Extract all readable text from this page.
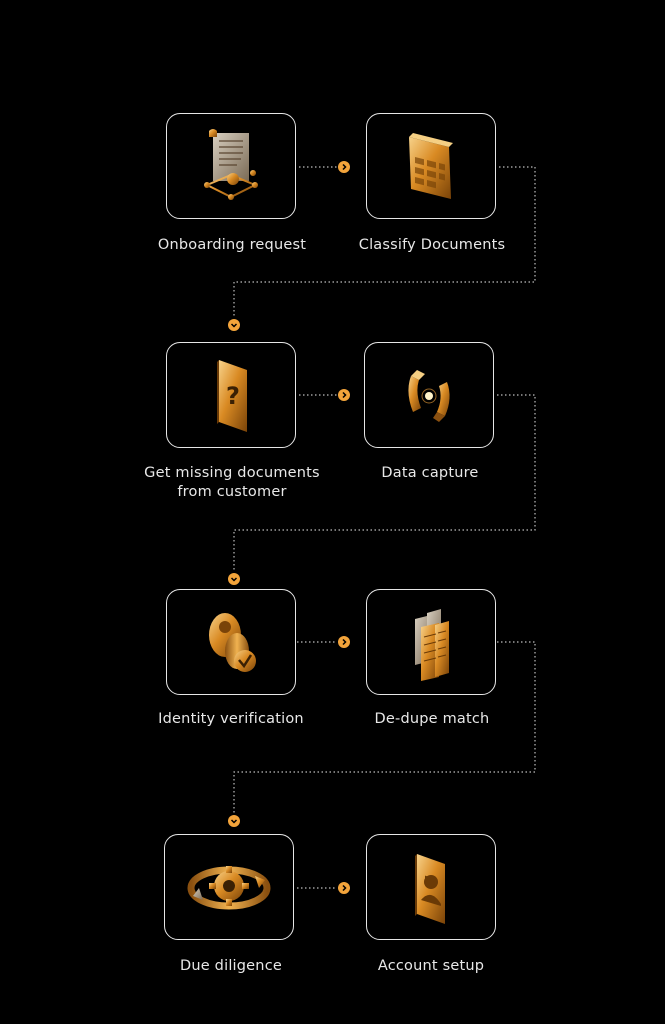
Onboarding request	Classify Documents
?
Get missing documents
from customer
Data capture
Identity verification	De-dupe match
Due diligence	Account setup
